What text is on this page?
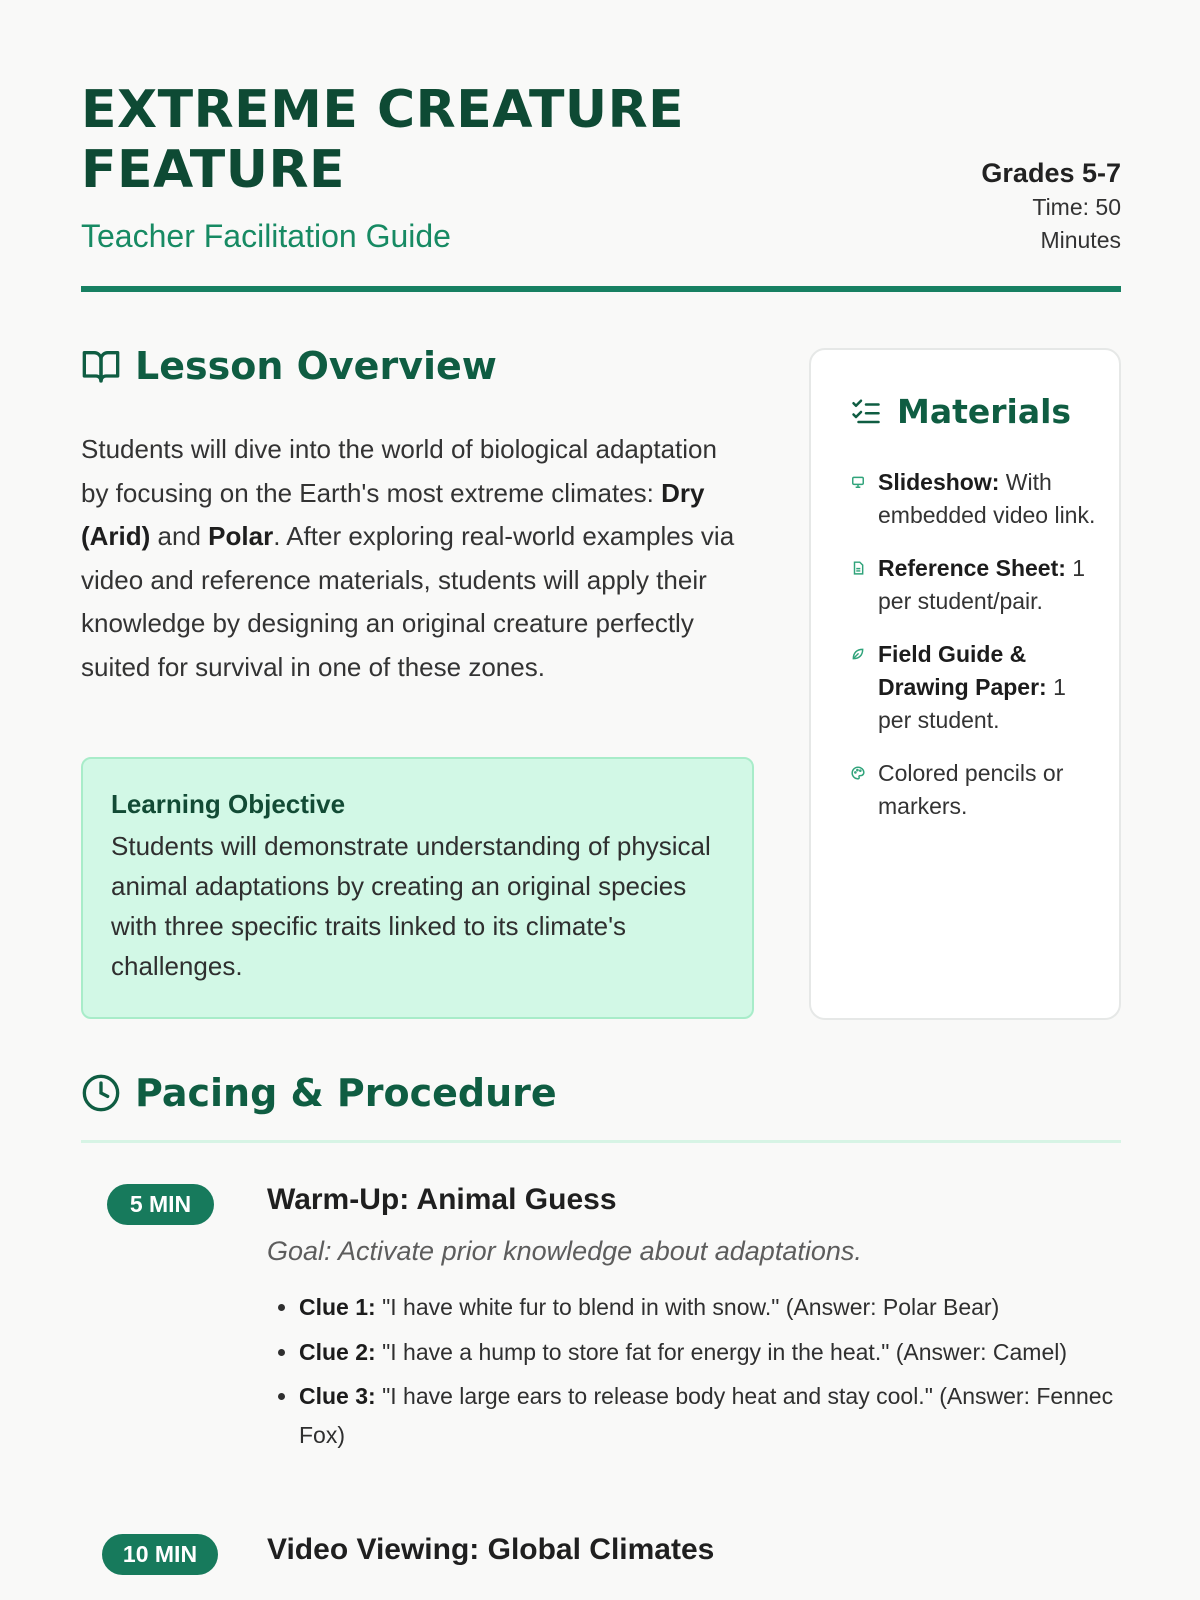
EXTREME CREATURE FEATURE
Teacher Facilitation Guide
Grades 5-7
Time: 50 Minutes
Lesson Overview

Students will dive into the world of biological adaptation by focusing on the Earth's most extreme climates: Dry (Arid) and Polar. After exploring real-world examples via video and reference materials, students will apply their knowledge by designing an original creature perfectly suited for survival in one of these zones.

Learning Objective

Students will demonstrate understanding of physical animal adaptations by creating an original species with three specific traits linked to its climate's challenges.

Materials
Slideshow: With embedded video link.
Reference Sheet: 1 per student/pair.
Field Guide & Drawing Paper: 1 per student.
Colored pencils or markers.
Pacing & Procedure
5 MIN	Warm-Up: Animal Guess

Goal: Activate prior knowledge about adaptations.

• Clue 1: "I have white fur to blend in with snow." (Answer: Polar Bear)
• Clue 2: "I have a hump to store fat for energy in the heat." (Answer: Camel)
• Clue 3: "I have large ears to release body heat and stay cool." (Answer: Fennec Fox)
10 MIN	Video Viewing: Global Climates
